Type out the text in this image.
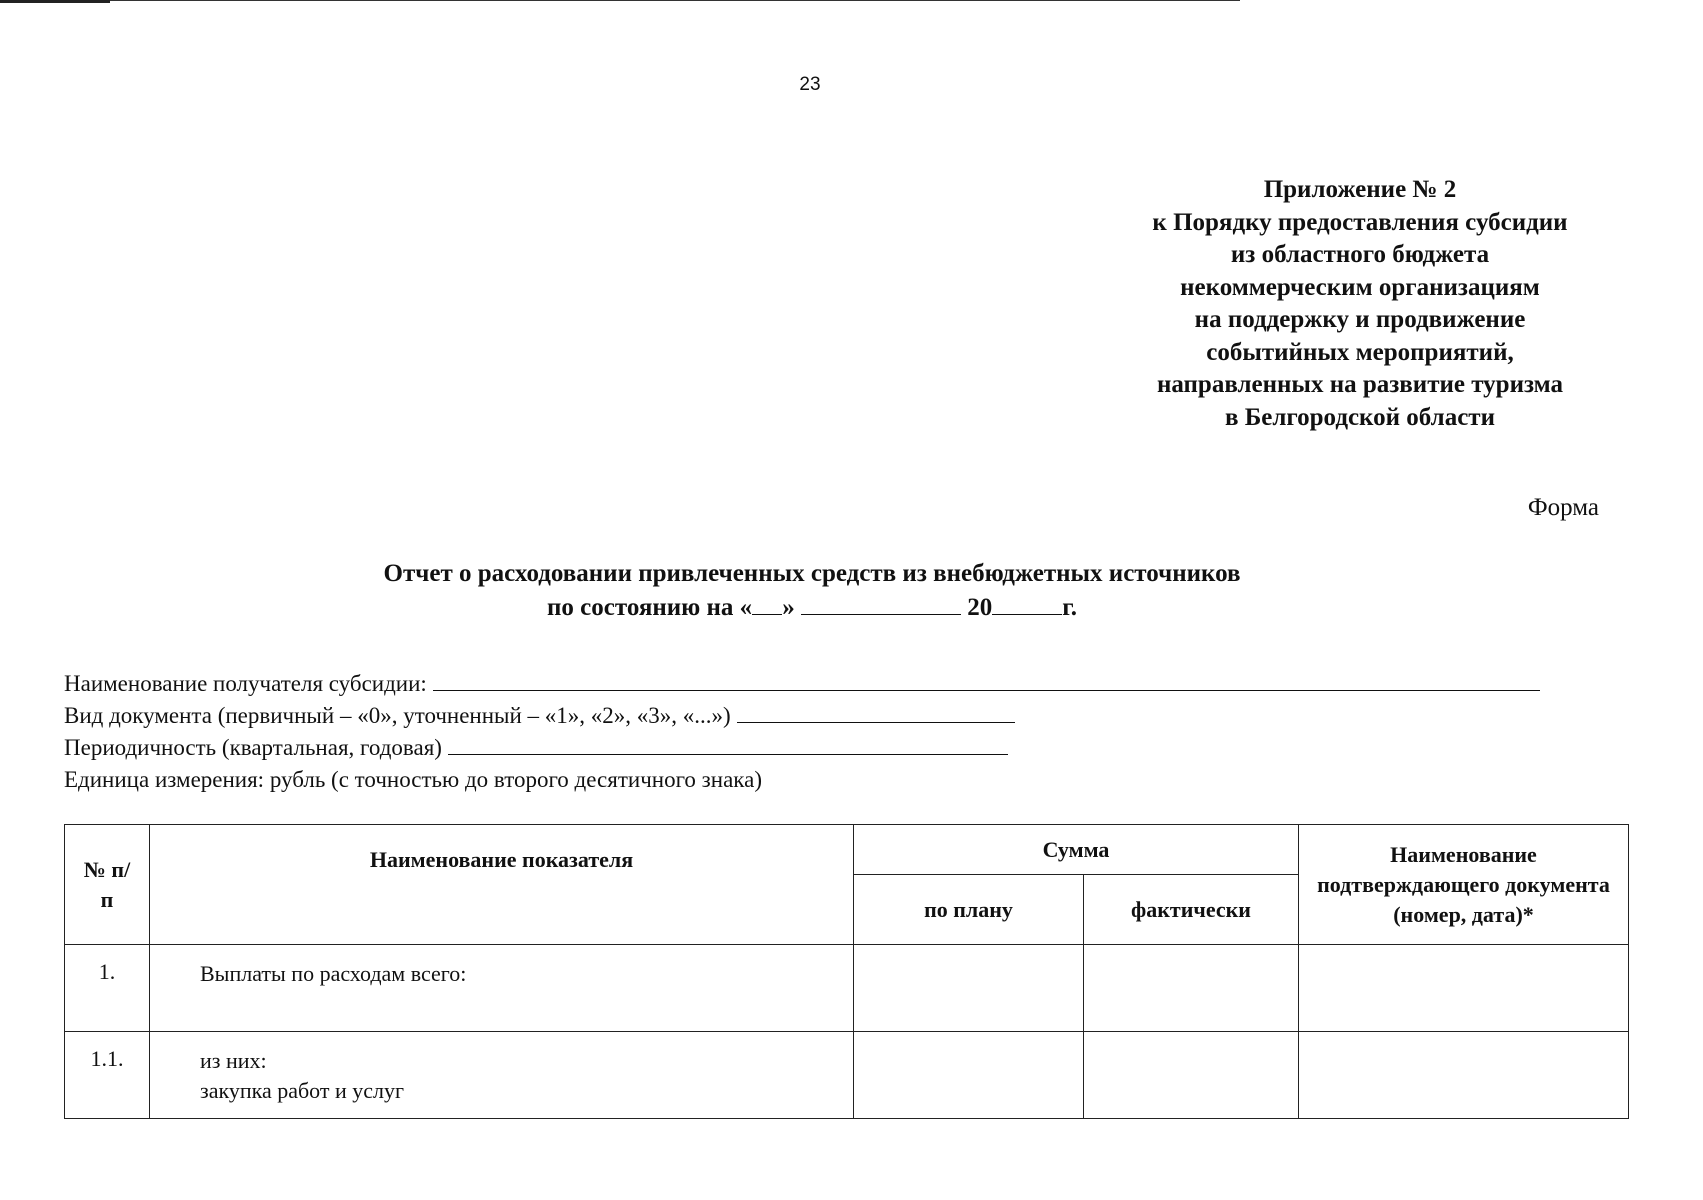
23
Приложение № 2
к Порядку предоставления субсидии
из областного бюджета
некоммерческим организациям
на поддержку и продвижение
событийных мероприятий,
направленных на развитие туризма
в Белгородской области
Форма
Отчет о расходовании привлеченных средств из внебюджетных источников
по состоянию на « »	20	г.
Наименование получателя субсидии:
Вид документа (первичный – «0», уточненный – «1», «2», «3», «...»)
Периодичность (квартальная, годовая)
Единица измерения: рубль (с точностью до второго десятичного знака)
№ п/п	Наименование показателя	Сумма		Наименование подтверждающего документа (номер, дата)*

		по плану	фактически	
1.	Выплаты по расходам всего:			

1.1.	из них:
закупка работ и услуг			
